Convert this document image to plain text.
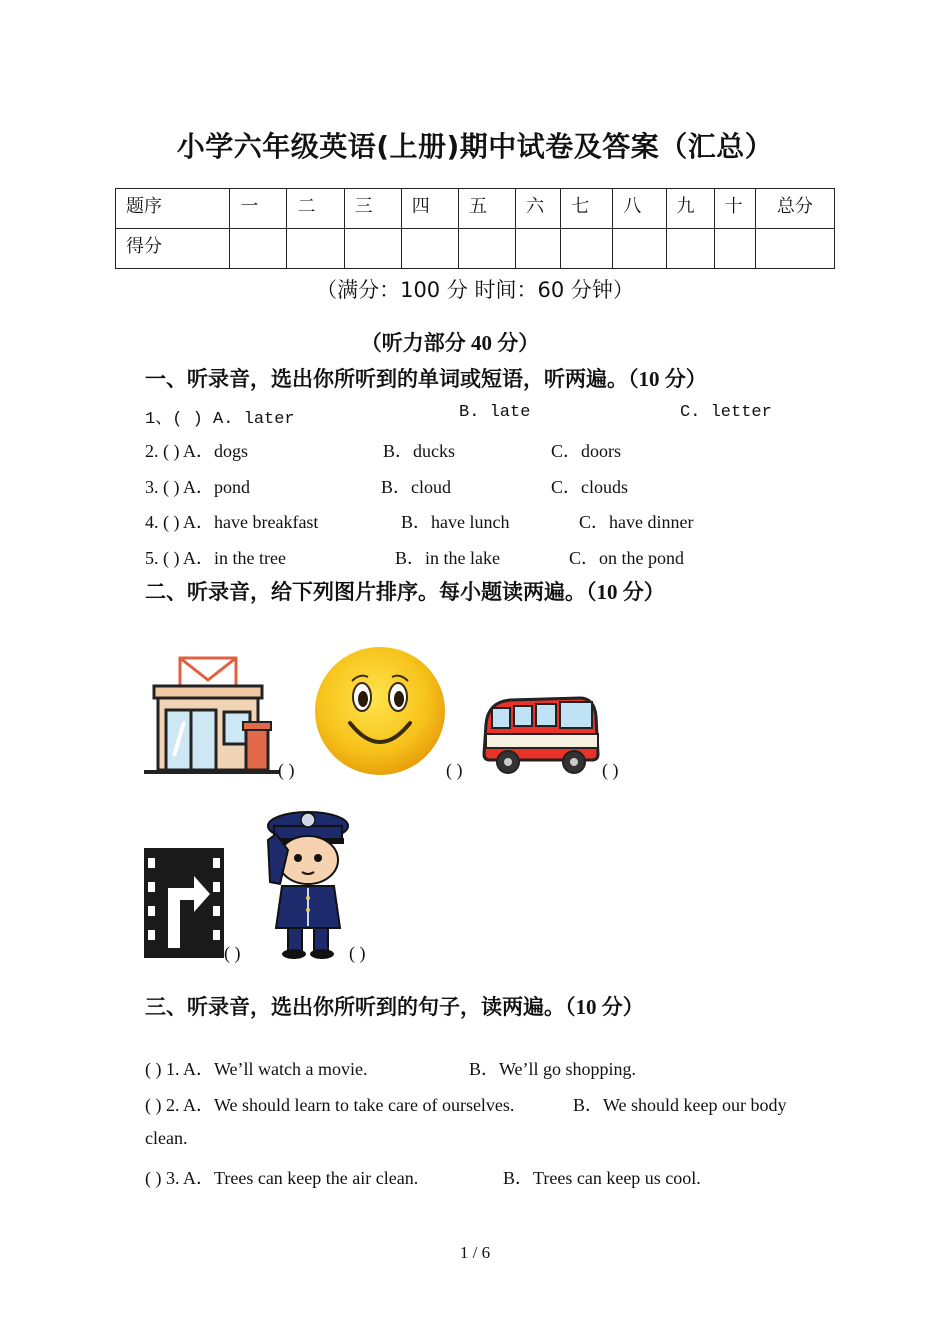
小学六年级英语(上册)期中试卷及答案（汇总）
题序	一	二	三	四	五	六	七	八	九	十	总分
得分											
（满分：100 分 时间：60 分钟）
（听力部分 40 分）
一、听录音，选出你所听到的单词或短语，听两遍。（10 分）
1、( ) A. later	B. late	C. letter
2. ( ) A．dogs	B．ducks	C．doors
3. ( ) A．pond	B．cloud	C．clouds
4. ( ) A．have breakfast	B．have lunch	C．have dinner
5. ( ) A．in the tree	B．in the lake	C．on the pond
二、听录音，给下列图片排序。每小题读两遍。（10 分）
( )	( )	( )
( )	( )
三、听录音，选出你所听到的句子，读两遍。（10 分）
( ) 1. A．We’ll watch a movie.	B．We’ll go shopping.
( ) 2. A．We should learn to take care of ourselves.	B．We should keep our body
clean.
( ) 3. A．Trees can keep the air clean.	B．Trees can keep us cool.
1 / 6
